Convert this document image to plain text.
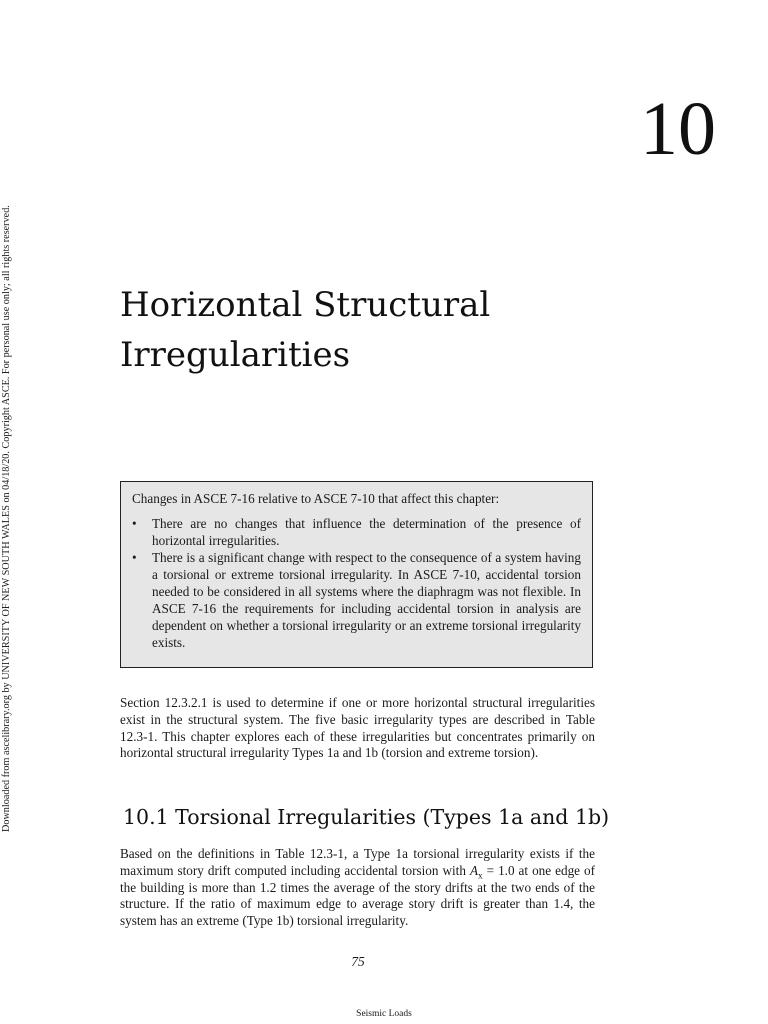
Downloaded from ascelibrary.org by UNIVERSITY OF NEW SOUTH WALES on 04/18/20. Copyright ASCE. For personal use only; all rights reserved.
10
Horizontal Structural
Irregularities

Changes in ASCE 7-16 relative to ASCE 7-10 that affect this chapter:

• There are no changes that influence the determination of the presence of horizontal irregularities.
• There is a significant change with respect to the consequence of a system having a torsional or extreme torsional irregularity. In ASCE 7-10, accidental torsion needed to be considered in all systems where the diaphragm was not flexible. In ASCE 7-16 the requirements for including accidental torsion in analysis are dependent on whether a torsional irregularity or an extreme torsional irregularity exists.

Section 12.3.2.1 is used to determine if one or more horizontal structural irregularities exist in the structural system. The five basic irregularity types are described in Table 12.3-1. This chapter explores each of these irregularities but concentrates primarily on horizontal structural irregularity Types 1a and 1b (torsion and extreme torsion).

10.1 Torsional Irregularities (Types 1a and 1b)

Based on the definitions in Table 12.3-1, a Type 1a torsional irregularity exists if the maximum story drift computed including accidental torsion with $A_x = 1.0$ at one edge of the building is more than 1.2 times the average of the story drifts at the two ends of the structure. If the ratio of maximum edge to average story drift is greater than 1.4, the system has an extreme (Type 1b) torsional irregularity.

75
Seismic Loads
